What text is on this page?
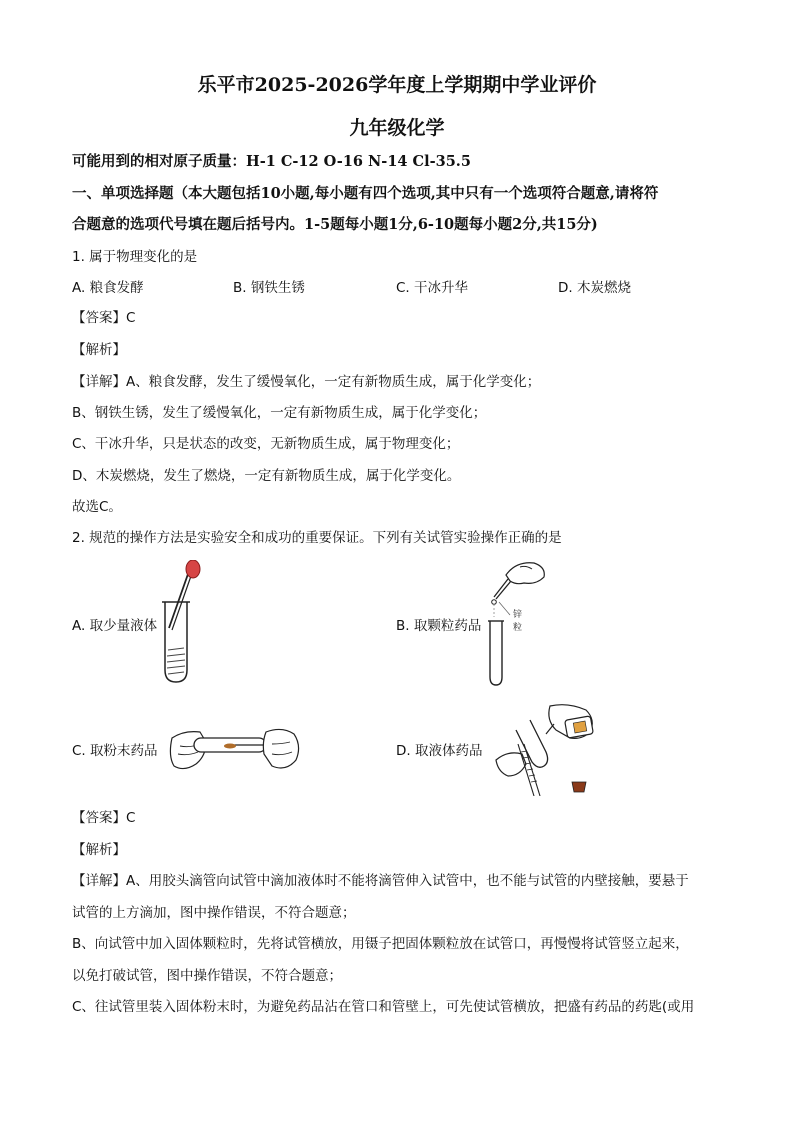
乐平市2025-2026学年度上学期期中学业评价
九年级化学
可能用到的相对原子质量：H-1 C-12 O-16 N-14 Cl-35.5
一、单项选择题（本大题包括10小题,每小题有四个选项,其中只有一个选项符合题意,请将符
合题意的选项代号填在题后括号内。1-5题每小题1分,6-10题每小题2分,共15分)
1. 属于物理变化的是
A. 粮食发酵	B. 钢铁生锈	C. 干冰升华	D. 木炭燃烧
【答案】C
【解析】
【详解】A、粮食发酵，发生了缓慢氧化，一定有新物质生成，属于化学变化；
B、钢铁生锈，发生了缓慢氧化，一定有新物质生成，属于化学变化；
C、干冰升华，只是状态的改变，无新物质生成，属于物理变化；
D、木炭燃烧，发生了燃烧，一定有新物质生成，属于化学变化。
故选C。
2. 规范的操作方法是实验安全和成功的重要保证。下列有关试管实验操作正确的是
A. 取少量液体
锌
粒
B. 取颗粒药品
C. 取粉末药品	D. 取液体药品
【答案】C
【解析】
【详解】A、用胶头滴管向试管中滴加液体时不能将滴管伸入试管中，也不能与试管的内壁接触，要悬于
试管的上方滴加，图中操作错误，不符合题意；
B、向试管中加入固体颗粒时，先将试管横放，用镊子把固体颗粒放在试管口，再慢慢将试管竖立起来，
以免打破试管，图中操作错误，不符合题意；
C、往试管里装入固体粉末时，为避免药品沾在管口和管壁上，可先使试管横放，把盛有药品的药匙(或用
